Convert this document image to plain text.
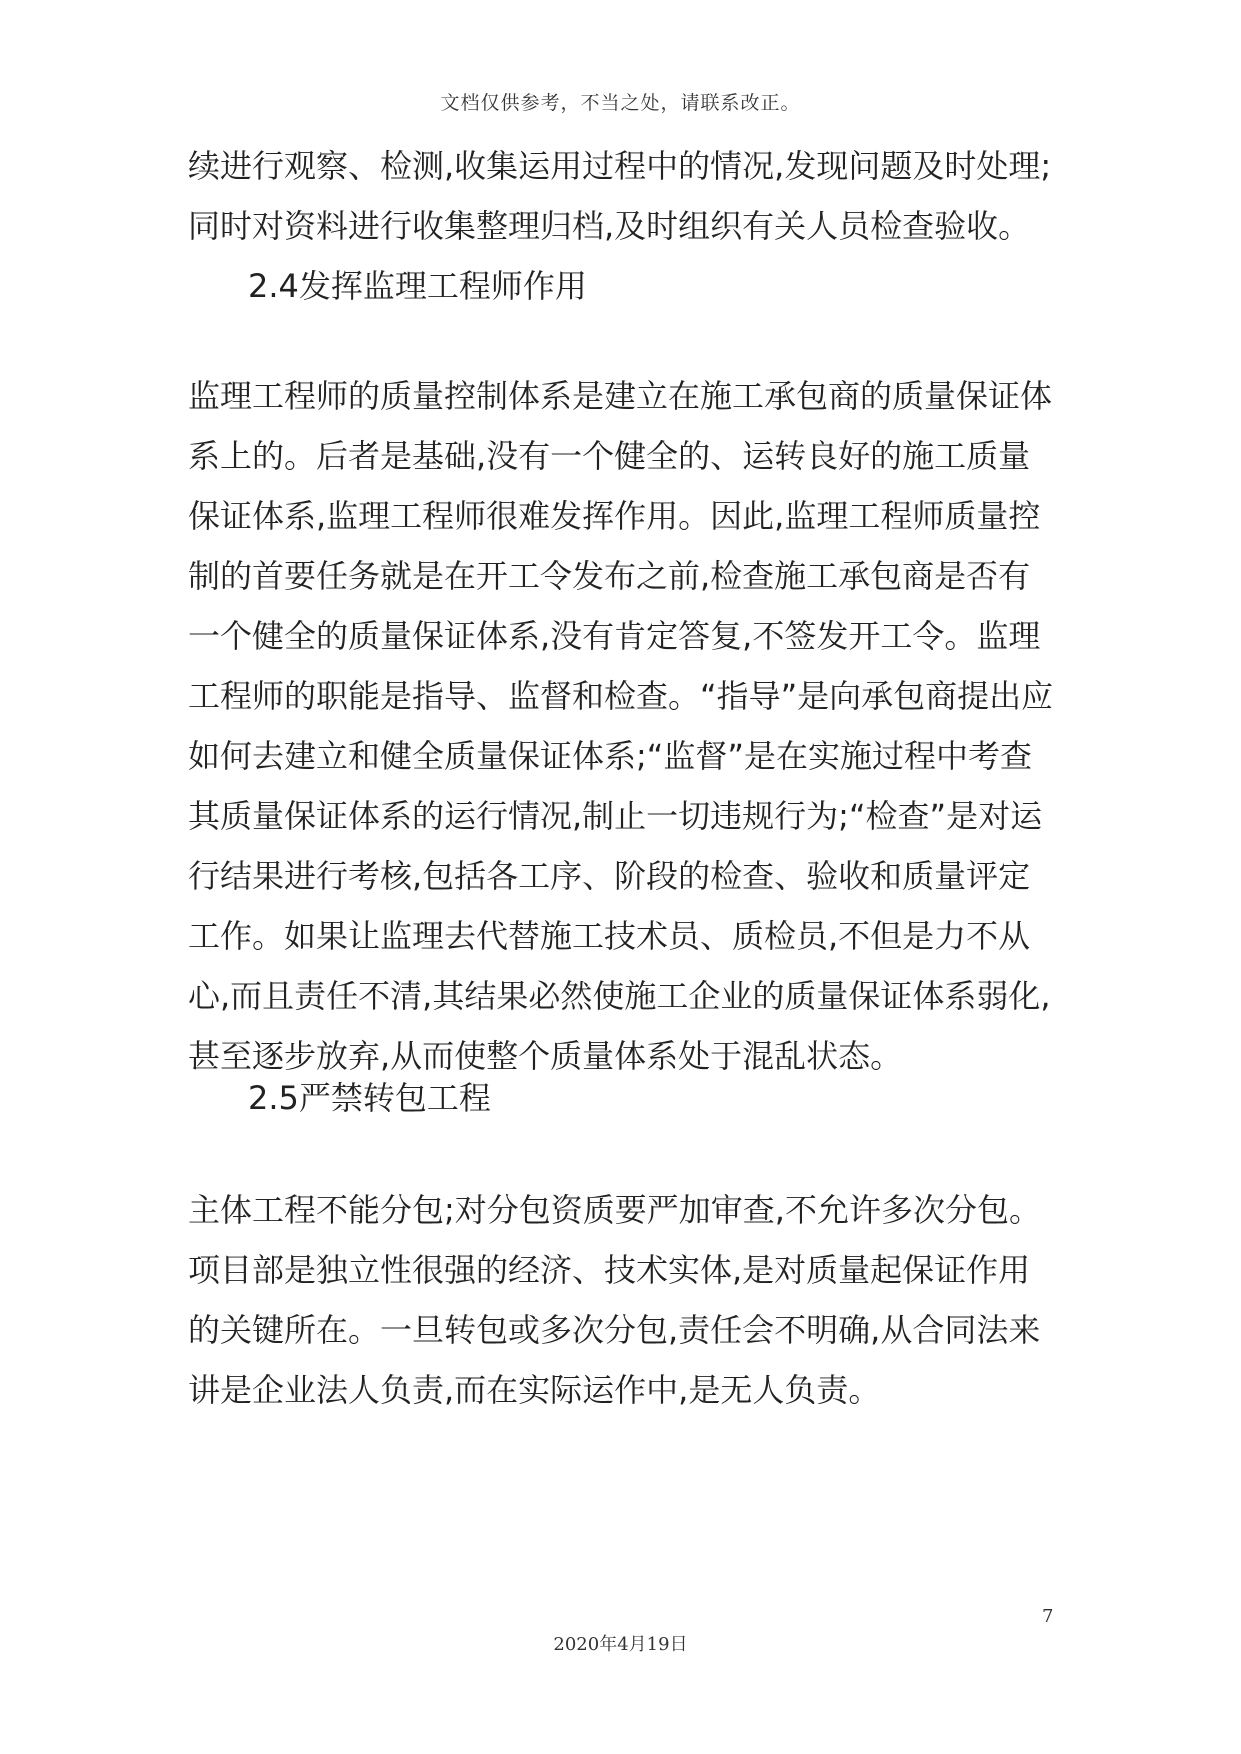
文档仅供参考，不当之处，请联系改正。

续进行观察、检测,收集运用过程中的情况,发现问题及时处理;同时对资料进行收集整理归档,及时组织有关人员检查验收。

2.4发挥监理工程师作用

监理工程师的质量控制体系是建立在施工承包商的质量保证体系上的。后者是基础,没有一个健全的、运转良好的施工质量保证体系,监理工程师很难发挥作用。因此,监理工程师质量控制的首要任务就是在开工令发布之前,检查施工承包商是否有一个健全的质量保证体系,没有肯定答复,不签发开工令。监理工程师的职能是指导、监督和检查。“指导”是向承包商提出应如何去建立和健全质量保证体系;“监督”是在实施过程中考查其质量保证体系的运行情况,制止一切违规行为;“检查”是对运行结果进行考核,包括各工序、阶段的检查、验收和质量评定工作。如果让监理去代替施工技术员、质检员,不但是力不从心,而且责任不清,其结果必然使施工企业的质量保证体系弱化,甚至逐步放弃,从而使整个质量体系处于混乱状态。

2.5严禁转包工程

主体工程不能分包;对分包资质要严加审查,不允许多次分包。项目部是独立性很强的经济、技术实体,是对质量起保证作用的关键所在。一旦转包或多次分包,责任会不明确,从合同法来讲是企业法人负责,而在实际运作中,是无人负责。

7
2020年4月19日
